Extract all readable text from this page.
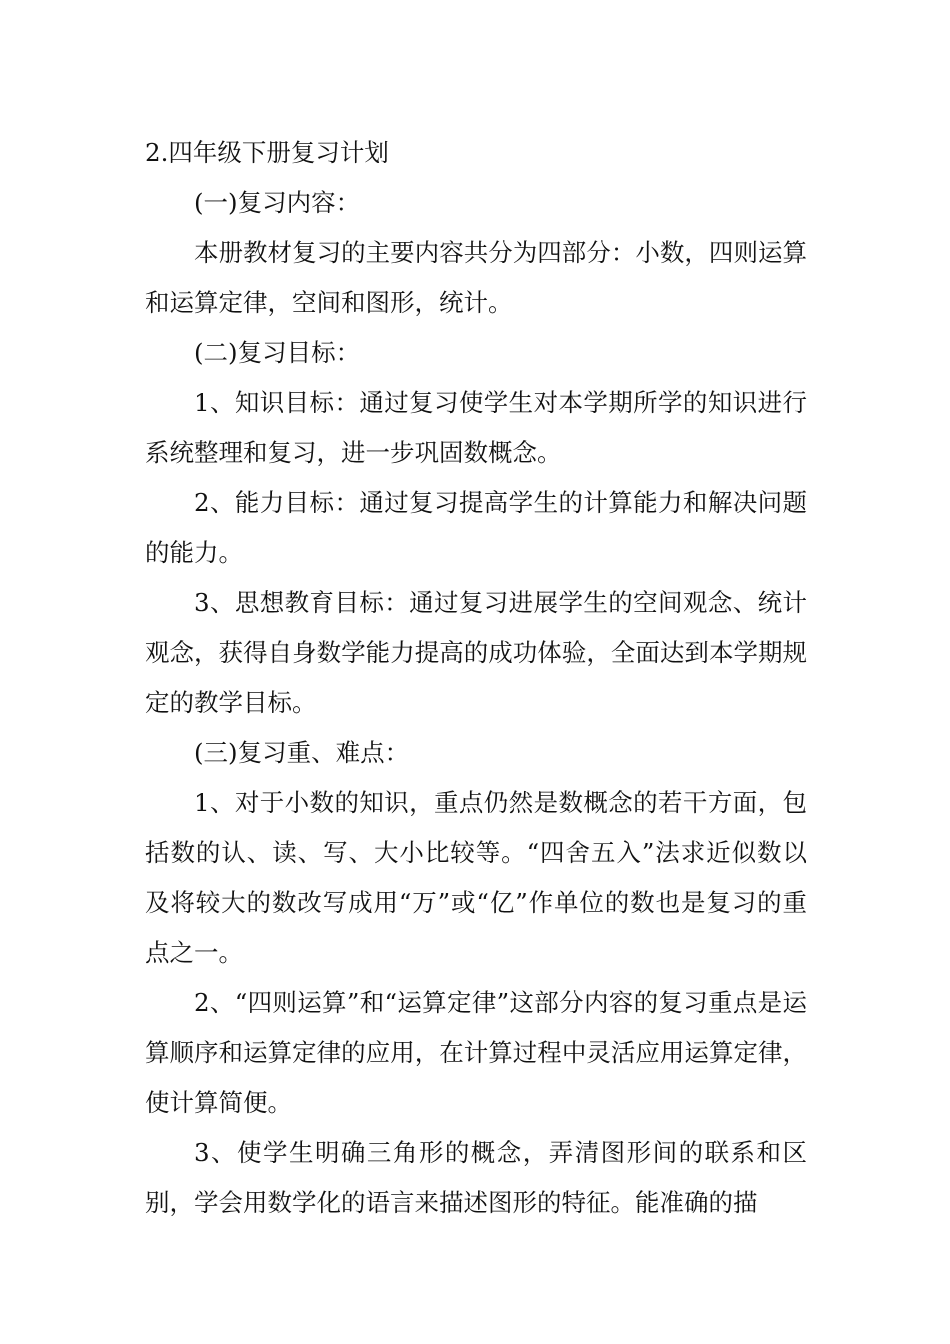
2.四年级下册复习计划

(一)复习内容：

本册教材复习的主要内容共分为四部分：小数，四则运算和运算定律，空间和图形，统计。

(二)复习目标：

1、知识目标：通过复习使学生对本学期所学的知识进行系统整理和复习，进一步巩固数概念。

2、能力目标：通过复习提高学生的计算能力和解决问题的能力。

3、思想教育目标：通过复习进展学生的空间观念、统计观念，获得自身数学能力提高的成功体验，全面达到本学期规定的教学目标。

(三)复习重、难点：

1、对于小数的知识，重点仍然是数概念的若干方面，包括数的认、读、写、大小比较等。“四舍五入”法求近似数以及将较大的数改写成用“万”或“亿”作单位的数也是复习的重点之一。

2、“四则运算”和“运算定律”这部分内容的复习重点是运算顺序和运算定律的应用，在计算过程中灵活应用运算定律，使计算简便。

3、使学生明确三角形的概念，弄清图形间的联系和区别，学会用数学化的语言来描述图形的特征。能准确的描
